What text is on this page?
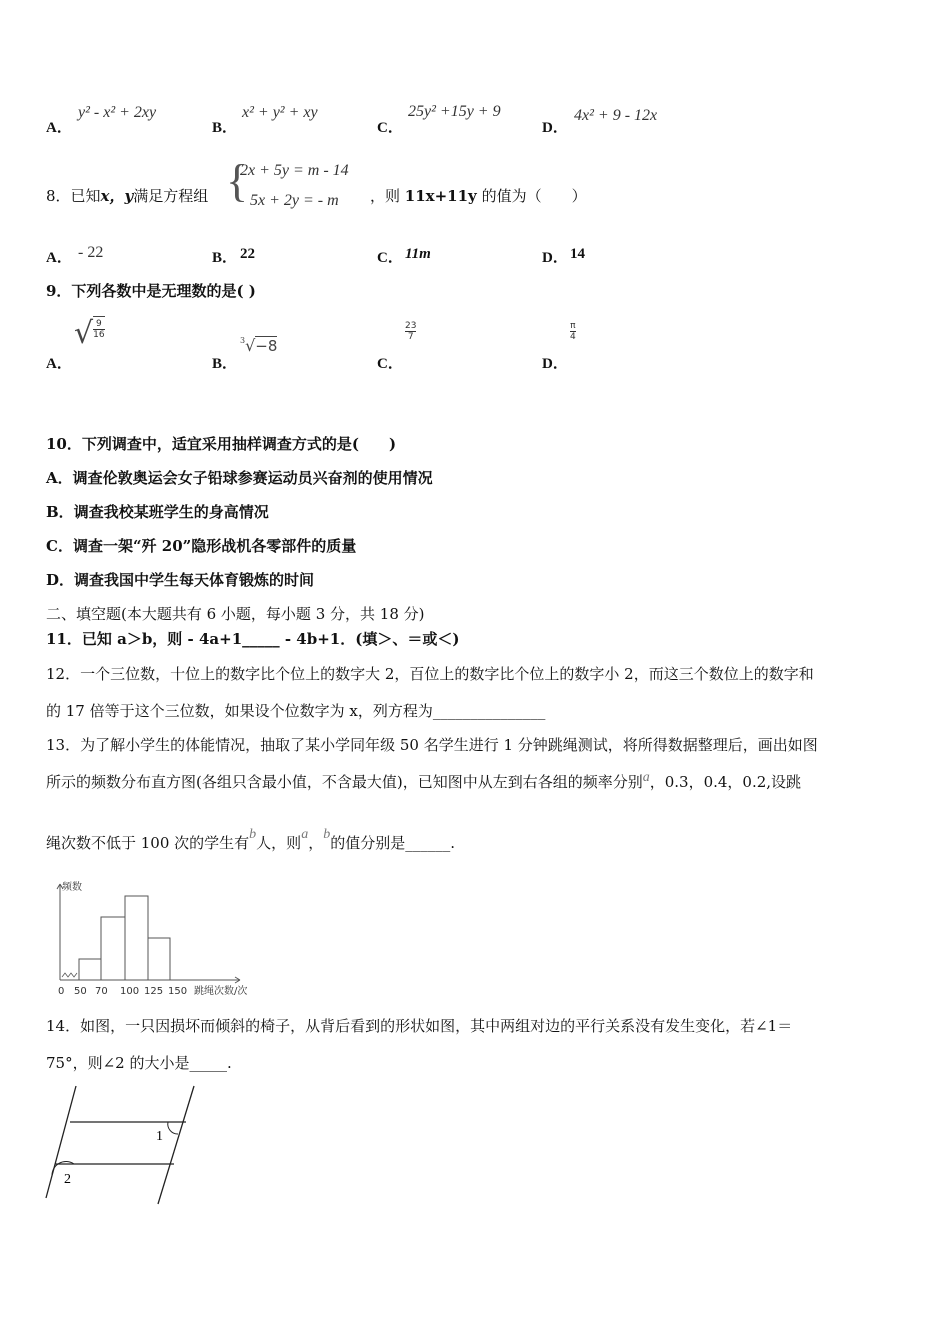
A．
y² - x² + 2xy
B．
x² + y² + xy
C．
25y² +15y + 9
D．
4x² + 9 - 12x
8．已知x，y满足方程组 {
2x + 5y = m - 14
5x + 2y = - m ，则 11x+11y 的值为（　　）
A． - 22	B． 22	C． 11m	D． 14
9．下列各数中是无理数的是( )
A．
√ $\frac{9}{16}$
B．
3 √ −8
C．
23
7
D．
π
4
10．下列调查中，适宜采用抽样调查方式的是(　　)
A．调查伦敦奥运会女子铅球参赛运动员兴奋剂的使用情况
B．调查我校某班学生的身高情况
C．调查一架“歼 20”隐形战机各零部件的质量
D．调查我国中学生每天体育锻炼的时间
二、填空题(本大题共有 6 小题，每小题 3 分，共 18 分)
11．已知 a＞b，则 - 4a+1_____ - 4b+1．(填＞、＝或＜)
12．一个三位数，十位上的数字比个位上的数字大 2，百位上的数字比个位上的数字小 2，而这三个数位上的数字和
的 17 倍等于这个三位数，如果设个位数字为 x，列方程为_______________
13．为了解小学生的体能情况，抽取了某小学同年级 50 名学生进行 1 分钟跳绳测试，将所得数据整理后，画出如图
所示的频数分布直方图(各组只含最小值，不含最大值)，已知图中从左到右各组的频率分别a，0.3，0.4，0.2,设跳
绳次数不低于 100 次的学生有b人，则a，b的值分别是______.
频数
跳绳次数/次
0 50 70 100 125 150
14．如图，一只因损坏而倾斜的椅子，从背后看到的形状如图，其中两组对边的平行关系没有发生变化，若∠1＝
75°，则∠2 的大小是_____.
1
2
